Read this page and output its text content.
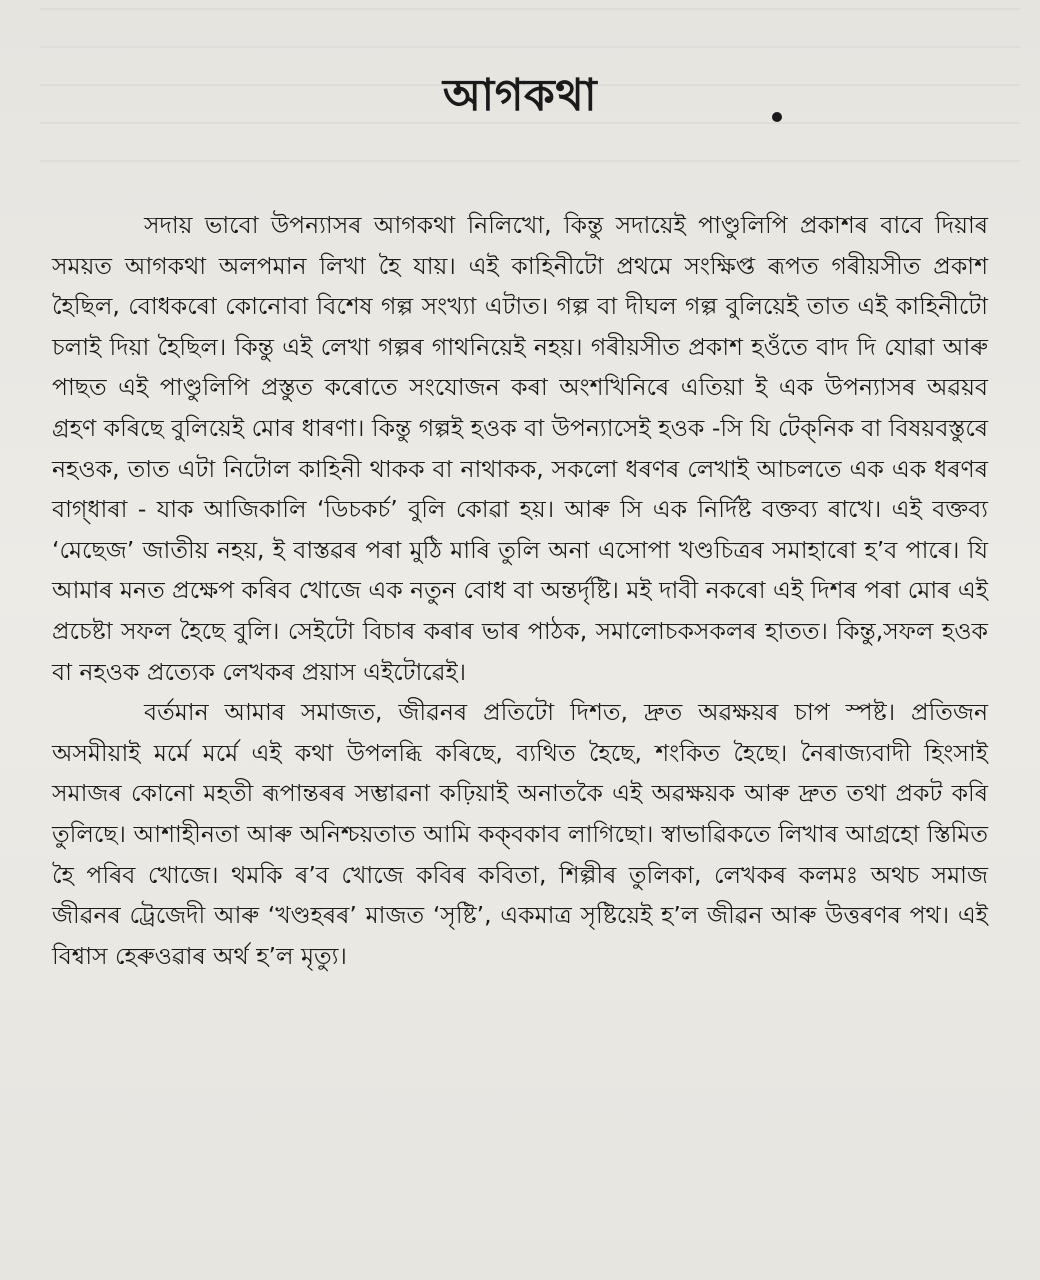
আগকথা

সদায় ভাবো উপন্যাসৰ আগকথা নিলিখো, কিন্তু সদায়েই পাণ্ডুলিপি প্ৰকাশৰ বাবে দিয়াৰ সময়ত আগকথা অলপমান লিখা হৈ যায়। এই কাহিনীটো প্ৰথমে সংক্ষিপ্ত ৰূপত গৰীয়সীত প্ৰকাশ হৈছিল, বোধকৰো কোনোবা বিশেষ গল্প সংখ্যা এটাত। গল্প বা দীঘল গল্প বুলিয়েই তাত এই কাহিনীটো চলাই দিয়া হৈছিল। কিন্তু এই লেখা গল্পৰ গাথনিয়েই নহয়। গৰীয়সীত প্ৰকাশ হওঁতে বাদ দি যোৱা আৰু পাছত এই পাণ্ডুলিপি প্ৰস্তুত কৰোতে সংযোজন কৰা অংশখিনিৰে এতিয়া ই এক উপন্যাসৰ অৱয়ব গ্ৰহণ কৰিছে বুলিয়েই মোৰ ধাৰণা। কিন্তু গল্পই হওক বা উপন্যাসেই হওক -সি যি টেক্‌নিক বা বিষয়বস্তুৰে নহওক, তাত এটা নিটোল কাহিনী থাকক বা নাথাকক, সকলো ধৰণৰ লেখাই আচলতে এক এক ধৰণৰ বাগ্‌ধাৰা - যাক আজিকালি ‘ডিচকৰ্চ’ বুলি কোৱা হয়। আৰু সি এক নিৰ্দিষ্ট বক্তব্য ৰাখে। এই বক্তব্য ‘মেছেজ’ জাতীয় নহয়, ই বাস্তৱৰ পৰা মুঠি মাৰি তুলি অনা এসোপা খণ্ডচিত্ৰৰ সমাহাৰো হ’ব পাৰে। যি আমাৰ মনত প্ৰক্ষেপ কৰিব খোজে এক নতুন বোধ বা অন্তৰ্দৃষ্টি। মই দাবী নকৰো এই দিশৰ পৰা মোৰ এই প্ৰচেষ্টা সফল হৈছে বুলি। সেইটো বিচাৰ কৰাৰ ভাৰ পাঠক, সমালোচকসকলৰ হাতত। কিন্তু,সফল হওক বা নহওক প্ৰত্যেক লেখকৰ প্ৰয়াস এইটোৱেই।

বৰ্তমান আমাৰ সমাজত, জীৱনৰ প্ৰতিটো দিশত, দ্ৰুত অৱক্ষয়ৰ চাপ স্পষ্ট। প্ৰতিজন অসমীয়াই মৰ্মে মৰ্মে এই কথা উপলব্ধি কৰিছে, ব্যথিত হৈছে, শংকিত হৈছে। নৈৰাজ্যবাদী হিংসাই সমাজৰ কোনো মহতী ৰূপান্তৰৰ সম্ভাৱনা কঢ়িয়াই অনাতকৈ এই অৱক্ষয়ক আৰু দ্ৰুত তথা প্ৰকট কৰি তুলিছে। আশাহীনতা আৰু অনিশ্চয়তাত আমি কক্‌বকাব লাগিছো। স্বাভাৱিকতে লিখাৰ আগ্ৰহো স্তিমিত হৈ পৰিব খোজে। থমকি ৰ’ব খোজে কবিৰ কবিতা, শিল্পীৰ তুলিকা, লেখকৰ কলমঃ অথচ সমাজ জীৱনৰ ট্ৰেজেদী আৰু ‘খণ্ডহৰৰ’ মাজত ‘সৃষ্টি’, একমাত্ৰ সৃষ্টিয়েই হ’ল জীৱন আৰু উত্তৰণৰ পথ। এই বিশ্বাস হেৰুওৱাৰ অৰ্থ হ’ল মৃত্যু।
